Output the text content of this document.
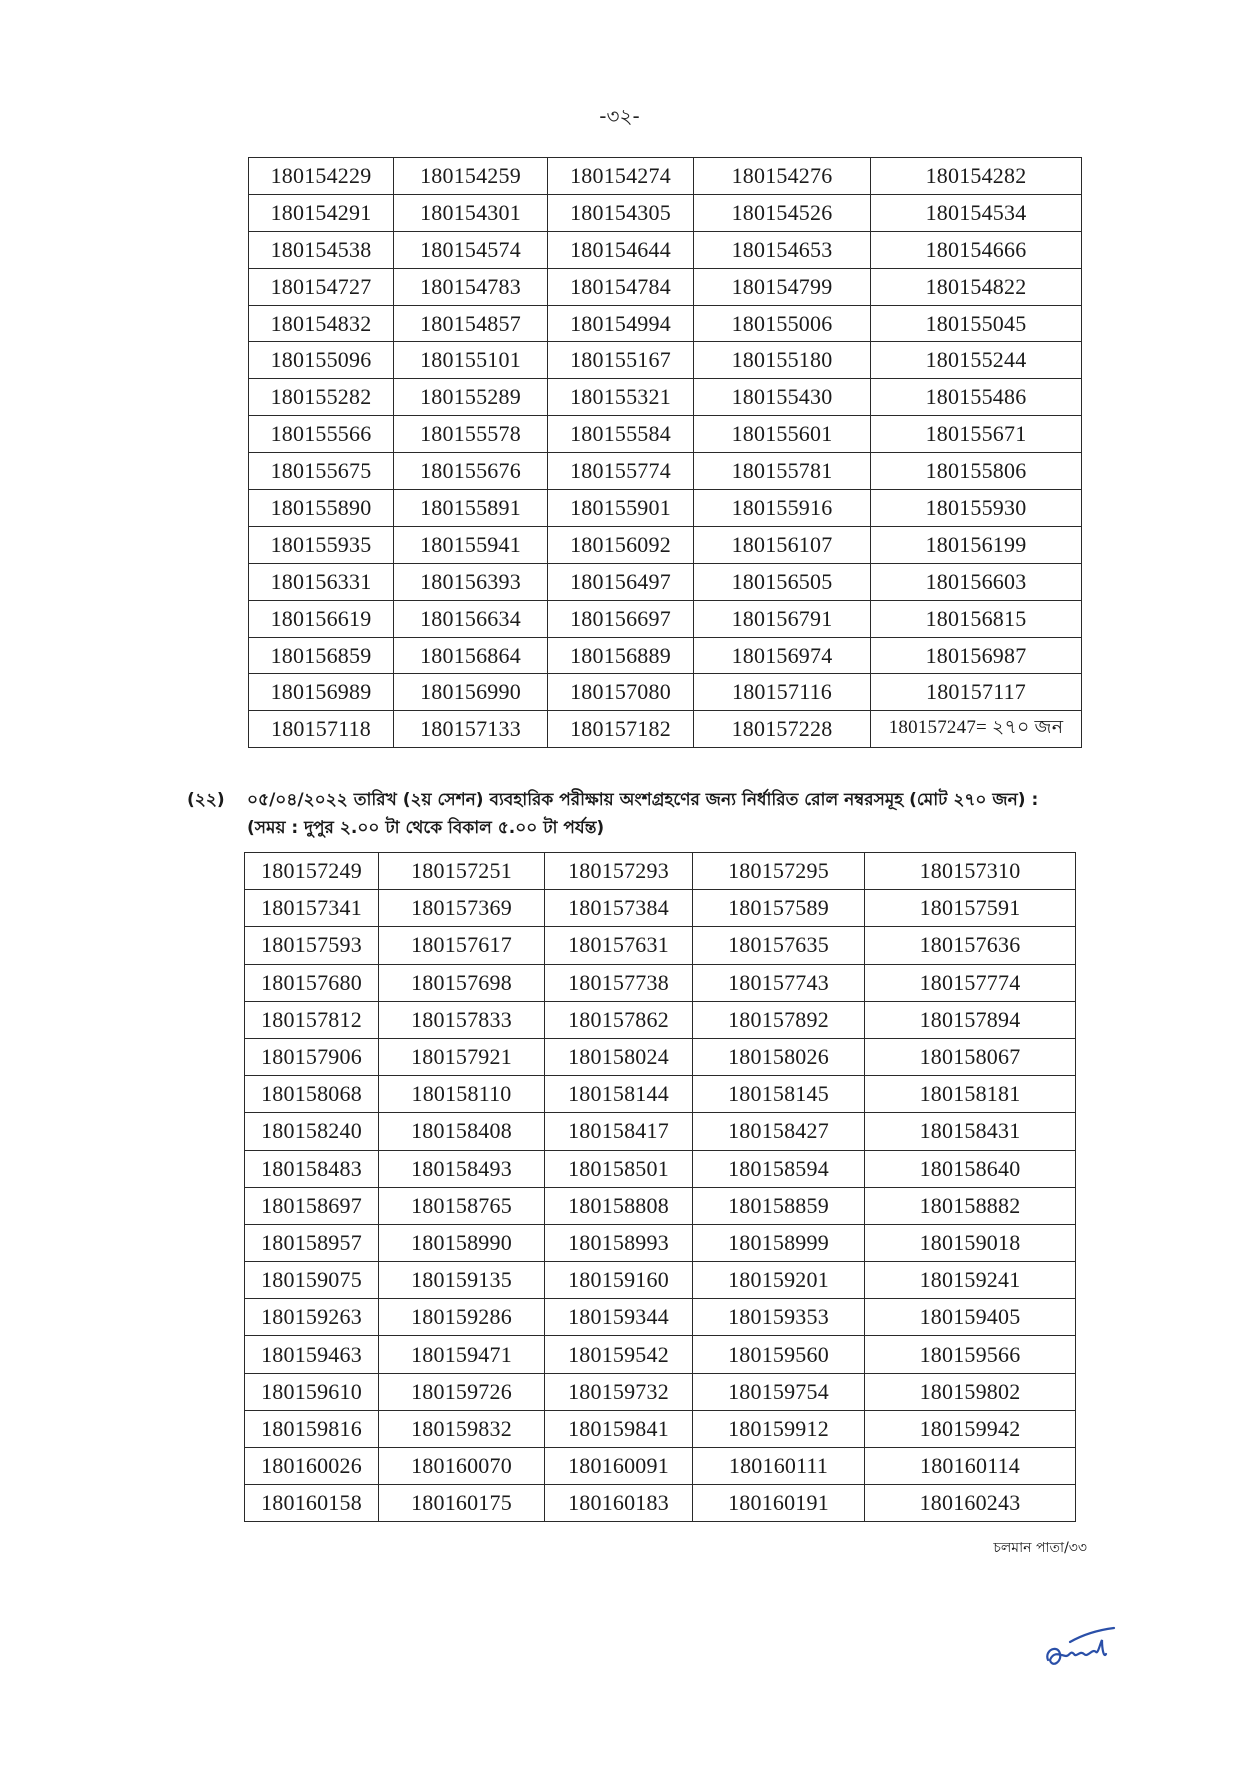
-৩২-
180154229	180154259	180154274	180154276	180154282
180154291	180154301	180154305	180154526	180154534
180154538	180154574	180154644	180154653	180154666
180154727	180154783	180154784	180154799	180154822
180154832	180154857	180154994	180155006	180155045
180155096	180155101	180155167	180155180	180155244
180155282	180155289	180155321	180155430	180155486
180155566	180155578	180155584	180155601	180155671
180155675	180155676	180155774	180155781	180155806
180155890	180155891	180155901	180155916	180155930
180155935	180155941	180156092	180156107	180156199
180156331	180156393	180156497	180156505	180156603
180156619	180156634	180156697	180156791	180156815
180156859	180156864	180156889	180156974	180156987
180156989	180156990	180157080	180157116	180157117
180157118	180157133	180157182	180157228	180157247= ২৭০ জন
(২২) ০৫/০৪/২০২২ তারিখ (২য় সেশন) ব্যবহারিক পরীক্ষায় অংশগ্রহণের জন্য নির্ধারিত রোল নম্বরসমূহ (মোট ২৭০ জন) :
(সময় : দুপুর ২.০০ টা থেকে বিকাল ৫.০০ টা পর্যন্ত)
180157249	180157251	180157293	180157295	180157310
180157341	180157369	180157384	180157589	180157591
180157593	180157617	180157631	180157635	180157636
180157680	180157698	180157738	180157743	180157774
180157812	180157833	180157862	180157892	180157894
180157906	180157921	180158024	180158026	180158067
180158068	180158110	180158144	180158145	180158181
180158240	180158408	180158417	180158427	180158431
180158483	180158493	180158501	180158594	180158640
180158697	180158765	180158808	180158859	180158882
180158957	180158990	180158993	180158999	180159018
180159075	180159135	180159160	180159201	180159241
180159263	180159286	180159344	180159353	180159405
180159463	180159471	180159542	180159560	180159566
180159610	180159726	180159732	180159754	180159802
180159816	180159832	180159841	180159912	180159942
180160026	180160070	180160091	180160111	180160114
180160158	180160175	180160183	180160191	180160243
চলমান পাতা/৩৩
